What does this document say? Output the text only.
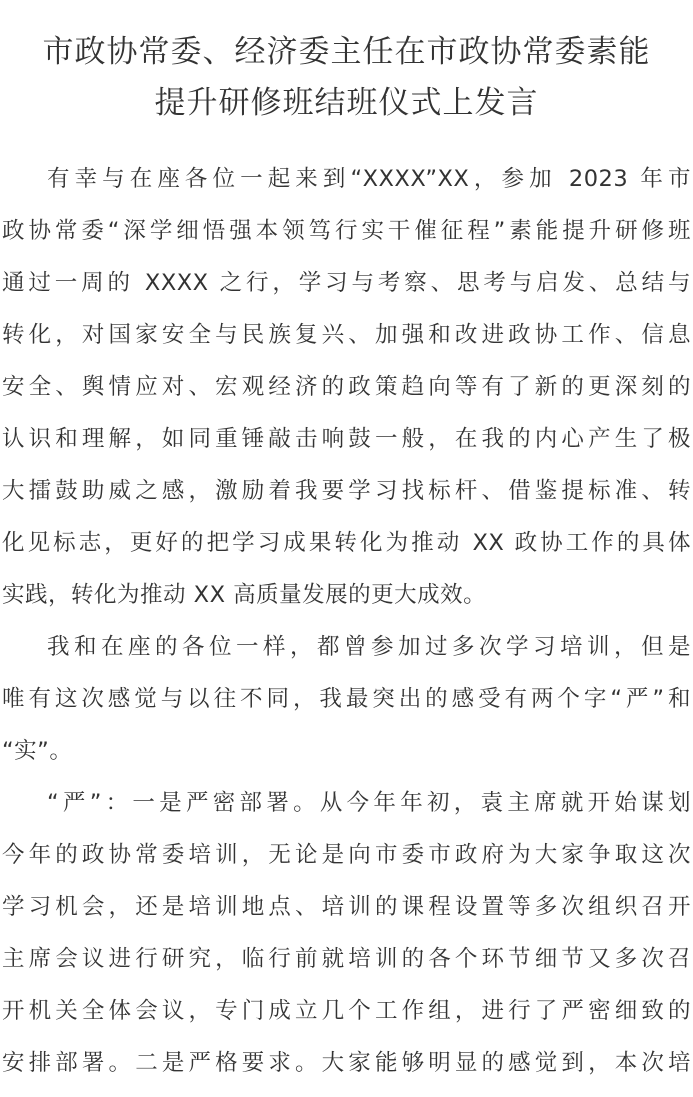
市政协常委、经济委主任在市政协常委素能
提升研修班结班仪式上发言

有幸与在座各位一起来到“XXXX”XX，参加 2023 年市
政协常委“深学细悟强本领笃行实干催征程”素能提升研修班
通过一周的 XXXX 之行，学习与考察、思考与启发、总结与
转化，对国家安全与民族复兴、加强和改进政协工作、信息
安全、舆情应对、宏观经济的政策趋向等有了新的更深刻的
认识和理解，如同重锤敲击响鼓一般，在我的内心产生了极
大擂鼓助威之感，激励着我要学习找标杆、借鉴提标准、转
化见标志，更好的把学习成果转化为推动 XX 政协工作的具体
实践，转化为推动 XX 高质量发展的更大成效。

我和在座的各位一样，都曾参加过多次学习培训，但是
唯有这次感觉与以往不同，我最突出的感受有两个字“严”和
“实”。

“严”：一是严密部署。从今年年初，袁主席就开始谋划
今年的政协常委培训，无论是向市委市政府为大家争取这次
学习机会，还是培训地点、培训的课程设置等多次组织召开
主席会议进行研究，临行前就培训的各个环节细节又多次召
开机关全体会议，专门成立几个工作组，进行了严密细致的
安排部署。二是严格要求。大家能够明显的感觉到，本次培
